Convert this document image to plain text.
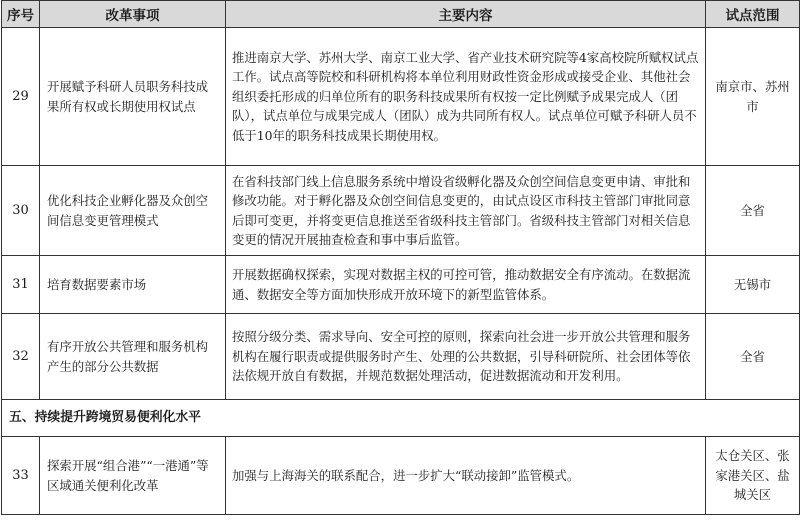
序号	改革事项	主要内容	试点范围
29	开展赋予科研人员职务科技成果所有权或长期使用权试点	推进南京大学、苏州大学、南京工业大学、省产业技术研究院等4家高校院所赋权试点工作。试点高等院校和科研机构将本单位利用财政性资金形成或接受企业、其他社会组织委托形成的归单位所有的职务科技成果所有权按一定比例赋予成果完成人（团队），试点单位与成果完成人（团队）成为共同所有权人。试点单位可赋予科研人员不低于10年的职务科技成果长期使用权。	南京市、苏州市
30	优化科技企业孵化器及众创空间信息变更管理模式	在省科技部门线上信息服务系统中增设省级孵化器及众创空间信息变更申请、审批和修改功能。对于孵化器及众创空间信息变更的，由试点设区市科技主管部门审批同意后即可变更，并将变更信息推送至省级科技主管部门。省级科技主管部门对相关信息变更的情况开展抽查检查和事中事后监管。	全省
31	培育数据要素市场	开展数据确权探索，实现对数据主权的可控可管，推动数据安全有序流动。在数据流通、数据安全等方面加快形成开放环境下的新型监管体系。	无锡市
32	有序开放公共管理和服务机构产生的部分公共数据	按照分级分类、需求导向、安全可控的原则，探索向社会进一步开放公共管理和服务机构在履行职责或提供服务时产生、处理的公共数据，引导科研院所、社会团体等依法依规开放自有数据，并规范数据处理活动，促进数据流动和开发利用。	全省
五、持续提升跨境贸易便利化水平			
33	探索开展“组合港”“一港通”等区域通关便利化改革	加强与上海海关的联系配合，进一步扩大“联动接卸”监管模式。	太仓关区、张家港关区、盐城关区
